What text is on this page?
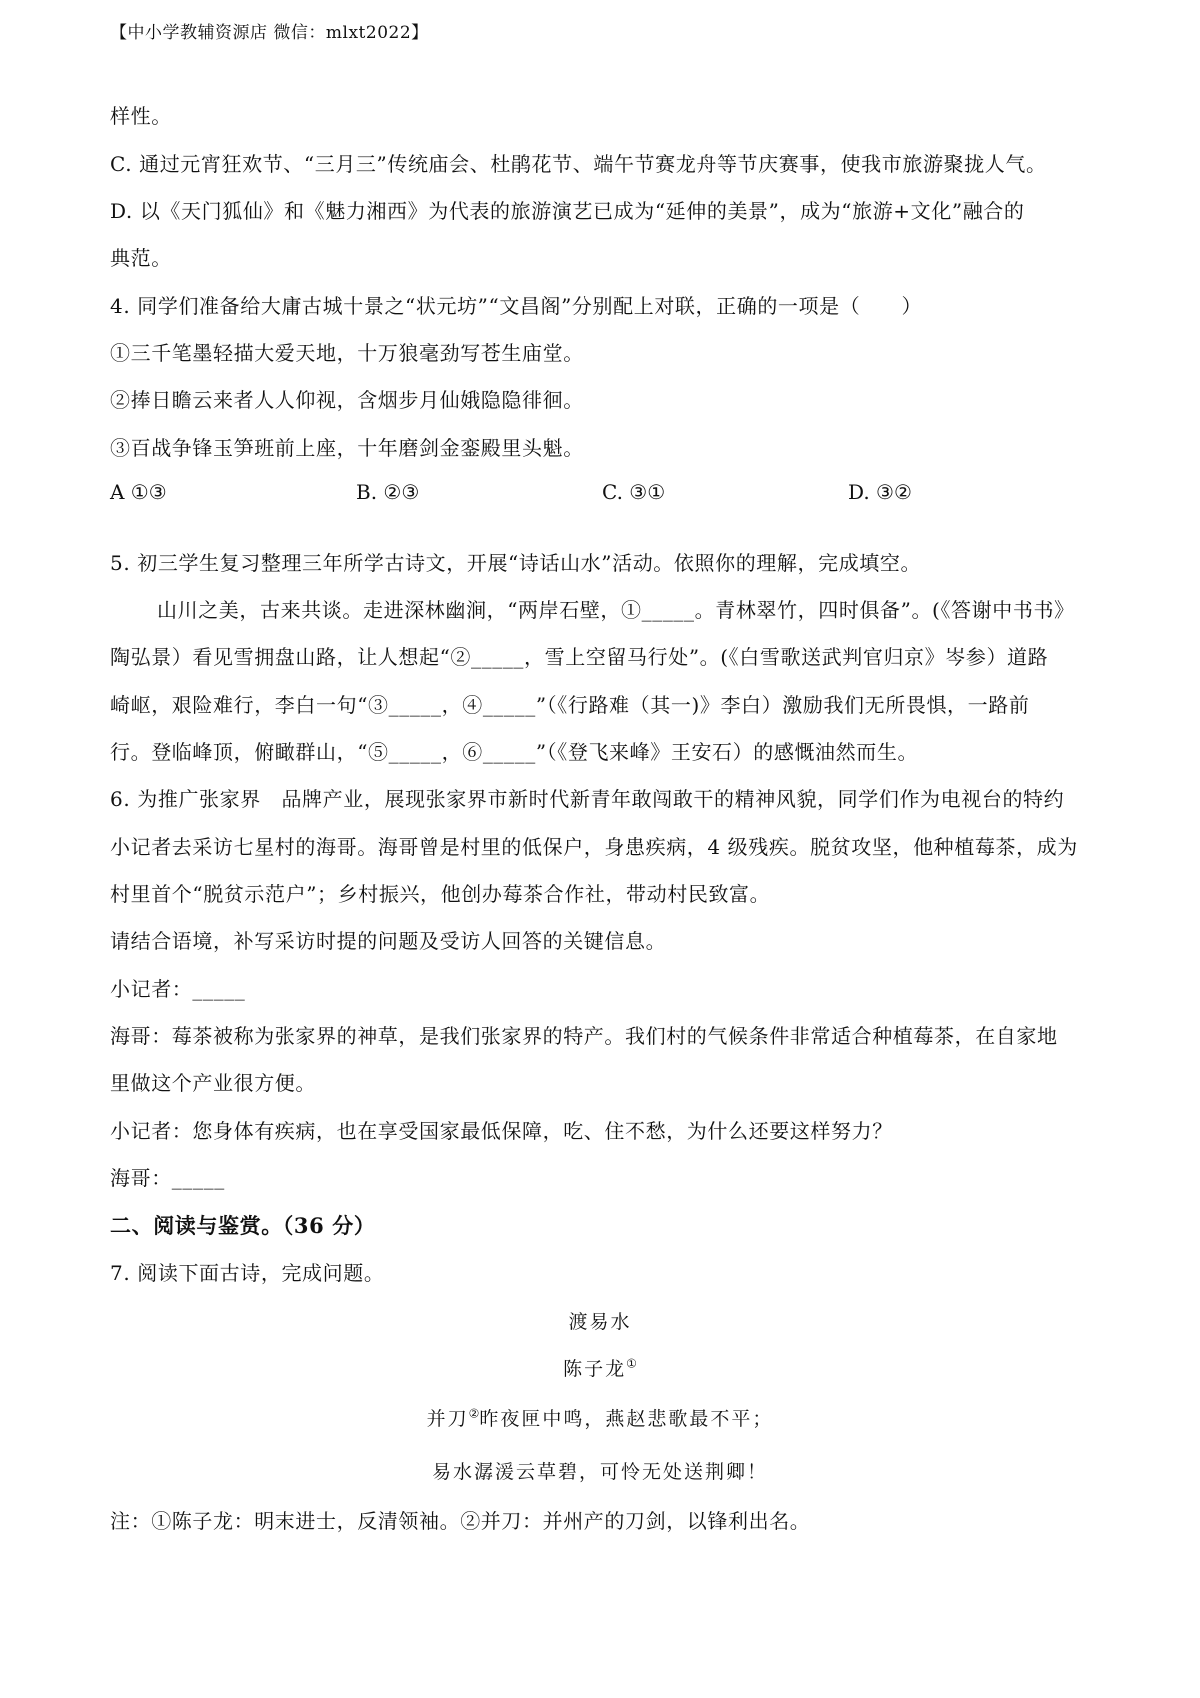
【中小学教辅资源店 微信：mlxt2022】
样性。
C. 通过元宵狂欢节、“三月三”传统庙会、杜鹃花节、端午节赛龙舟等节庆赛事，使我市旅游聚拢人气。
D. 以《天门狐仙》和《魅力湘西》为代表的旅游演艺已成为“延伸的美景”，成为“旅游+文化”融合的
典范。
4. 同学们准备给大庸古城十景之“状元坊”“文昌阁”分别配上对联，正确的一项是（　　）
①三千笔墨轻描大爱天地，十万狼毫劲写苍生庙堂。
②捧日瞻云来者人人仰视，含烟步月仙娥隐隐徘徊。
③百战争锋玉笋班前上座，十年磨剑金銮殿里头魁。
A ①③	B. ②③	C. ③①	D. ③②
5. 初三学生复习整理三年所学古诗文，开展“诗话山水”活动。依照你的理解，完成填空。
山川之美，古来共谈。走进深林幽涧，“两岸石壁，①_____。青林翠竹，四时俱备”。(《答谢中书书》
陶弘景）看见雪拥盘山路，让人想起“②_____，雪上空留马行处”。(《白雪歌送武判官归京》岑参）道路
崎岖，艰险难行，李白一句“③_____，④_____”（《行路难（其一)》李白）激励我们无所畏惧，一路前
行。登临峰顶，俯瞰群山，“⑤_____，⑥_____”（《登飞来峰》王安石）的感慨油然而生。
6. 为推广张家界　品牌产业，展现张家界市新时代新青年敢闯敢干的精神风貌，同学们作为电视台的特约
小记者去采访七星村的海哥。海哥曾是村里的低保户，身患疾病，4 级残疾。脱贫攻坚，他种植莓茶，成为
村里首个“脱贫示范户”；乡村振兴，他创办莓茶合作社，带动村民致富。
请结合语境，补写采访时提的问题及受访人回答的关键信息。
小记者：_____
海哥：莓茶被称为张家界的神草，是我们张家界的特产。我们村的气候条件非常适合种植莓茶，在自家地
里做这个产业很方便。
小记者：您身体有疾病，也在享受国家最低保障，吃、住不愁，为什么还要这样努力？
海哥：_____
二、阅读与鉴赏。（36 分）
7. 阅读下面古诗，完成问题。
渡易水
陈子龙①
并刀②昨夜匣中鸣，燕赵悲歌最不平；
易水潺湲云草碧，可怜无处送荆卿！
注：①陈子龙：明末进士，反清领袖。②并刀：并州产的刀剑，以锋利出名。
